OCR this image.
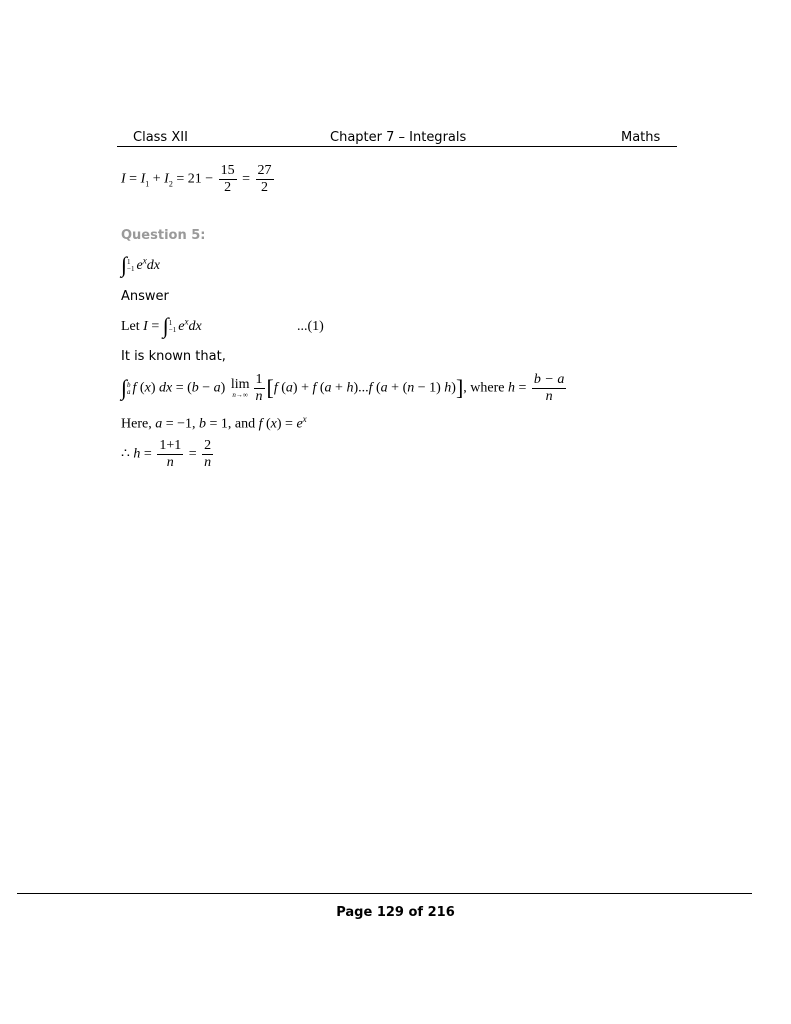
Class XII	Chapter 7 – Integrals	Maths
$I = I_1 + I_2 = 21 - \frac{15}{2} = \frac{27}{2}$
Question 5:
∫ 1
−1 $e^xdx$
Answer
Let I = ∫ 1
−1 $e^xdx$	...(1)
It is known that,
∫ b
a f (x) dx = (b − a) lim
$n\to\infty \frac{1}{n} [f$ (a) + f (a + h)...f (a + (n − 1) h)], where $h = \frac{b - a}{n}$
Here, a = −1, b = 1, and f $(x) = e^x$
∴ $h = \frac{1+1}{n} = \frac{2}{n}$
Page 129 of 216
